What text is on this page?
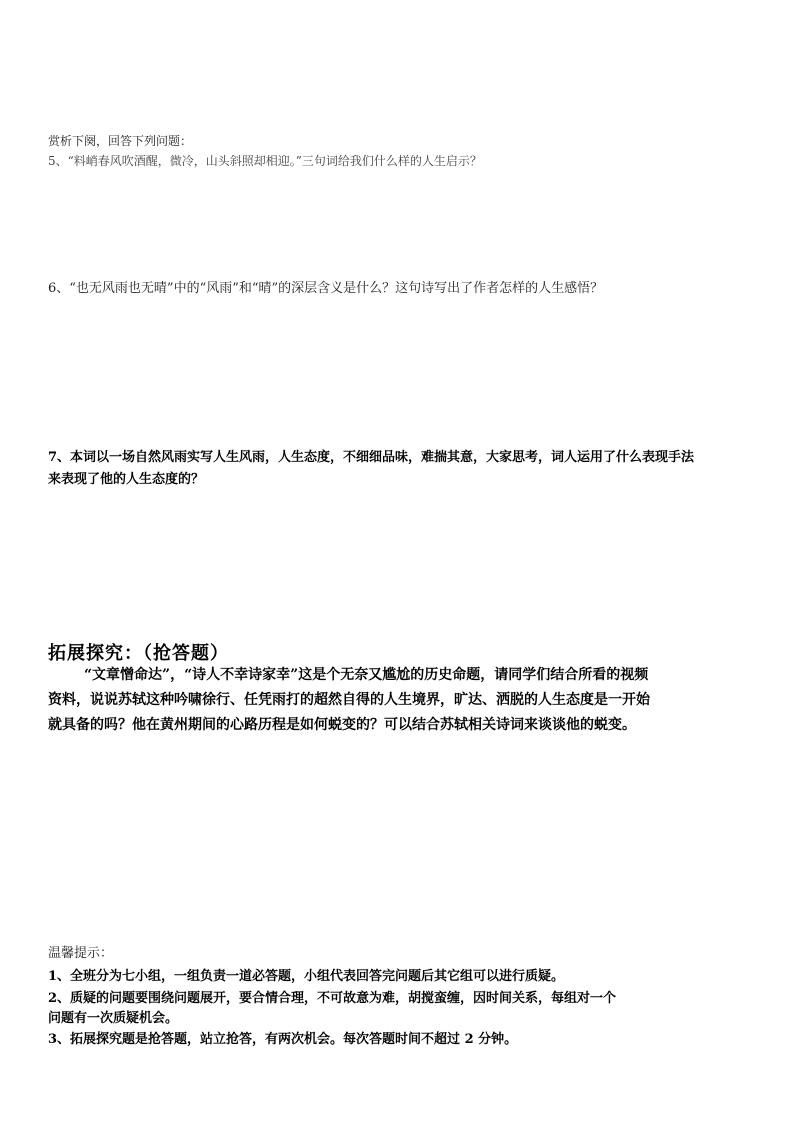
赏析下阕，回答下列问题：
5、“料峭春风吹酒醒，微冷，山头斜照却相迎。”三句词给我们什么样的人生启示？
6、“也无风雨也无晴”中的“风雨”和“晴”的深层含义是什么？这句诗写出了作者怎样的人生感悟？
7、本词以一场自然风雨实写人生风雨，人生态度，不细细品味，难揣其意，大家思考，词人运用了什么表现手法
来表现了他的人生态度的？
拓展探究：（抢答题）
“文章憎命达”，“诗人不幸诗家幸”这是个无奈又尴尬的历史命题，请同学们结合所看的视频
资料，说说苏轼这种吟啸徐行、任凭雨打的超然自得的人生境界，旷达、洒脱的人生态度是一开始
就具备的吗？他在黄州期间的心路历程是如何蜕变的？可以结合苏轼相关诗词来谈谈他的蜕变。
温馨提示：
1、全班分为七小组，一组负责一道必答题，小组代表回答完问题后其它组可以进行质疑。
2、质疑的问题要围绕问题展开，要合情合理，不可故意为难，胡搅蛮缠，因时间关系，每组对一个
问题有一次质疑机会。
3、拓展探究题是抢答题，站立抢答，有两次机会。每次答题时间不超过 2 分钟。
